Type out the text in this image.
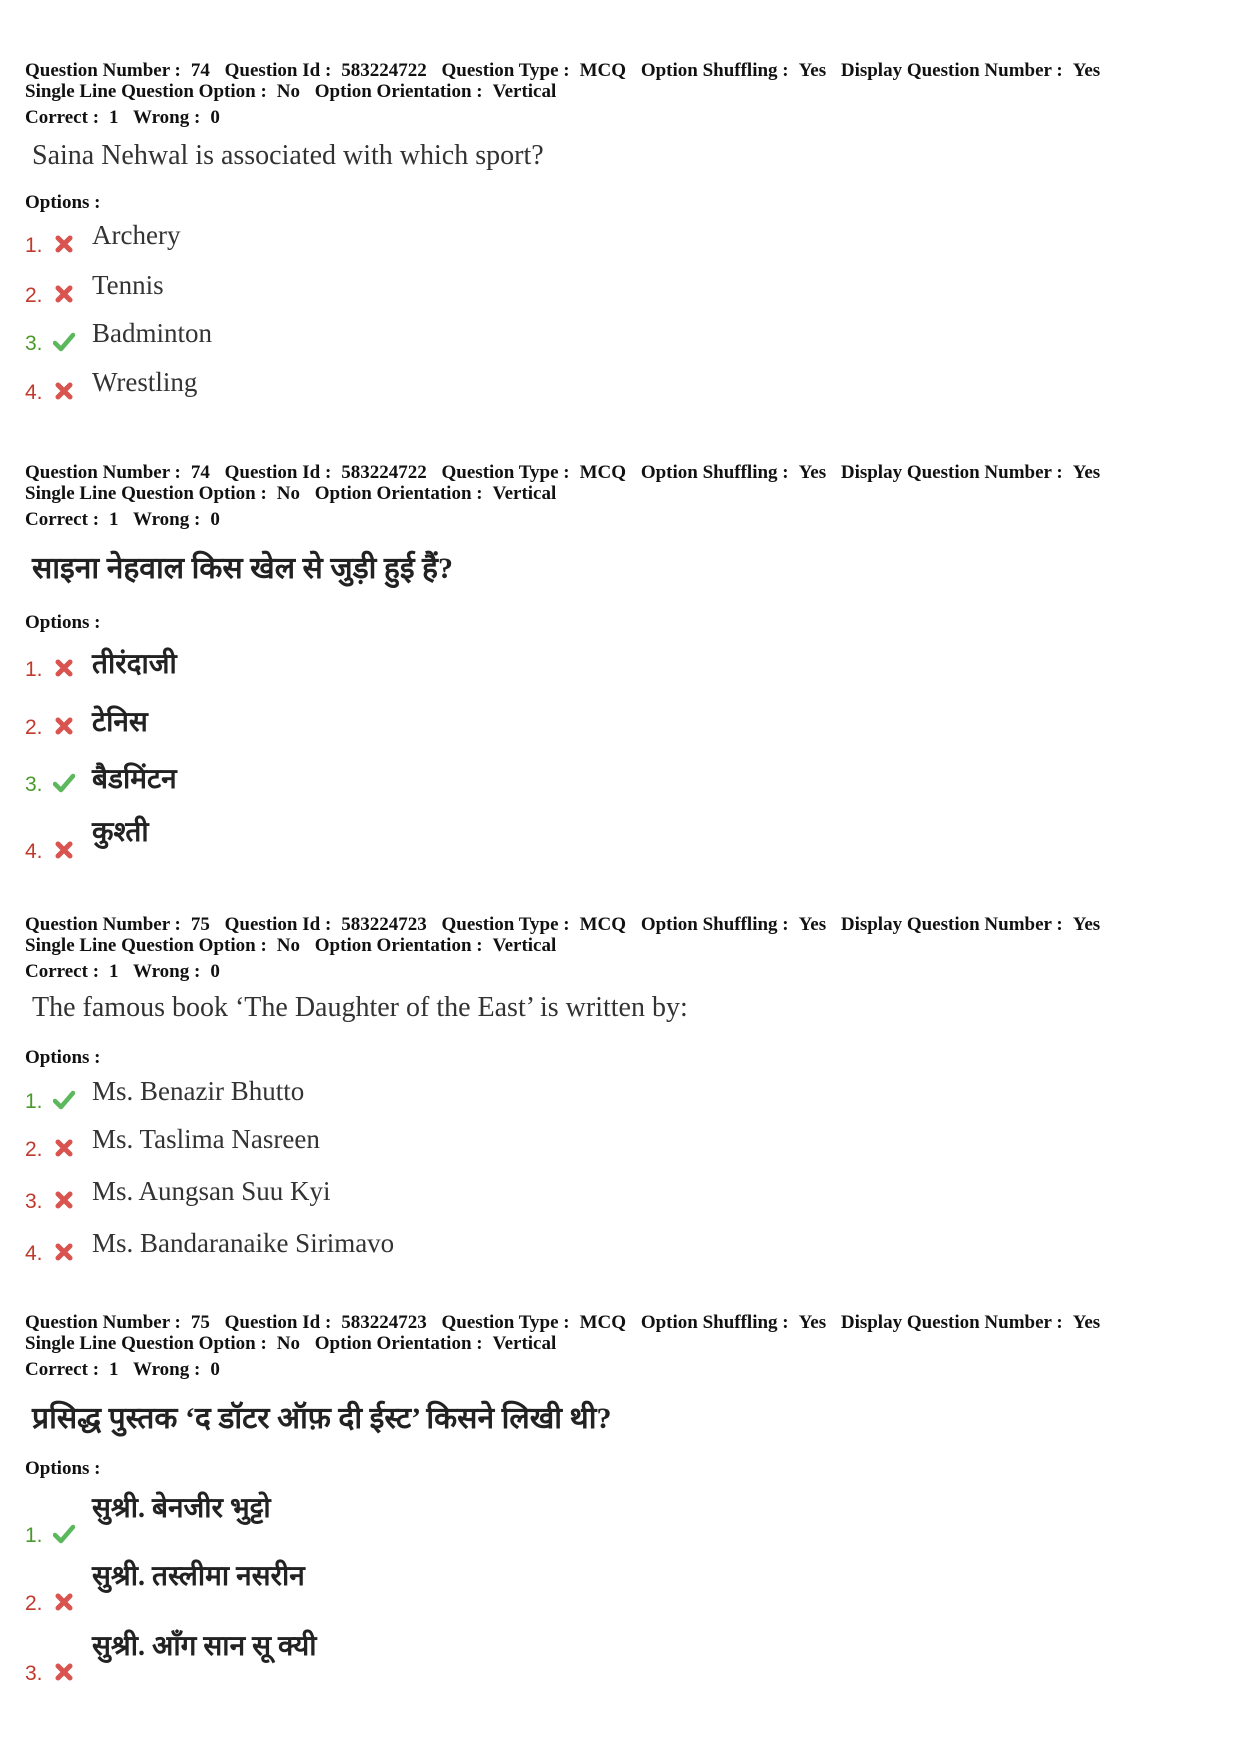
Question Number : 74 Question Id : 583224722 Question Type : MCQ Option Shuffling : Yes Display Question Number : Yes
Single Line Question Option : No Option Orientation : Vertical
Correct : 1 Wrong : 0
Saina Nehwal is associated with which sport?
Options :
1. Archery
2. Tennis
3. Badminton
4. Wrestling
Question Number : 74 Question Id : 583224722 Question Type : MCQ Option Shuffling : Yes Display Question Number : Yes
Single Line Question Option : No Option Orientation : Vertical
Correct : 1 Wrong : 0
साइना नेहवाल किस खेल से जुड़ी हुई हैं?
Options :
1. तीरंदाजी
2. टेनिस
3. बैडमिंटन
4.
कुश्ती
Question Number : 75 Question Id : 583224723 Question Type : MCQ Option Shuffling : Yes Display Question Number : Yes
Single Line Question Option : No Option Orientation : Vertical
Correct : 1 Wrong : 0
The famous book ‘The Daughter of the East’ is written by:
Options :
1. Ms. Benazir Bhutto
2. Ms. Taslima Nasreen
3. Ms. Aungsan Suu Kyi
4. Ms. Bandaranaike Sirimavo
Question Number : 75 Question Id : 583224723 Question Type : MCQ Option Shuffling : Yes Display Question Number : Yes
Single Line Question Option : No Option Orientation : Vertical
Correct : 1 Wrong : 0
प्रसिद्ध पुस्तक ‘द डॉटर ऑफ़ दी ईस्ट’ किसने लिखी थी?
Options :
1.
सुश्री. बेनजीर भुट्टो
2.
सुश्री. तस्लीमा नसरीन
3.
सुश्री. आँग सान सू क्यी
